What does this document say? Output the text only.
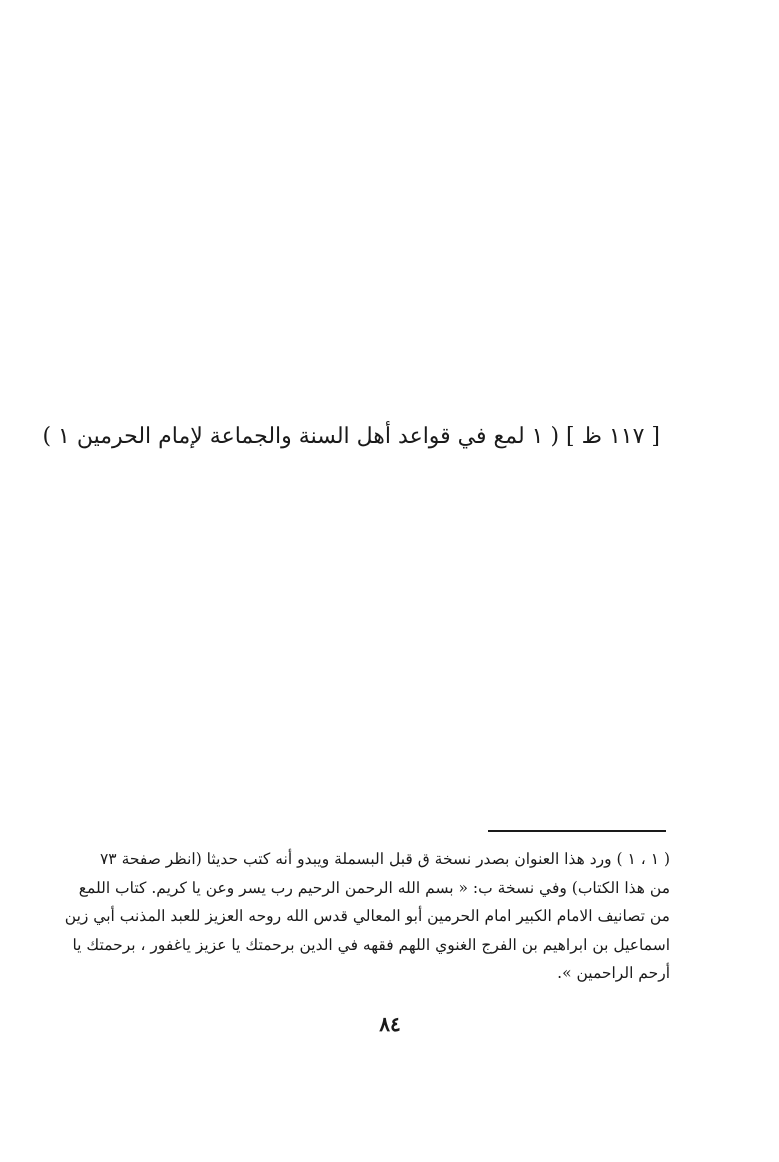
[ ١١٧ ظ ] ( ١ لمع في قواعد أهل السنة والجماعة لإمام الحرمين ١ )
( ١ ، ١ ) ورد هذا العنوان بصدر نسخة ق قبل البسملة ويبدو أنه كتب حديثا (انظر صفحة ٧٣
من هذا الكتاب) وفي نسخة ب: « بسم الله الرحمن الرحيم رب يسر وعن يا كريم. كتاب اللمع
من تصانيف الامام الكبير امام الحرمين أبو المعالي قدس الله روحه العزيز للعبد المذنب أبي زين
اسماعيل بن ابراهيم بن الفرج الغنوي اللهم فقهه في الدين برحمتك يا عزيز ياغفور ، برحمتك يا
أرحم الراحمين ».
٨٤
